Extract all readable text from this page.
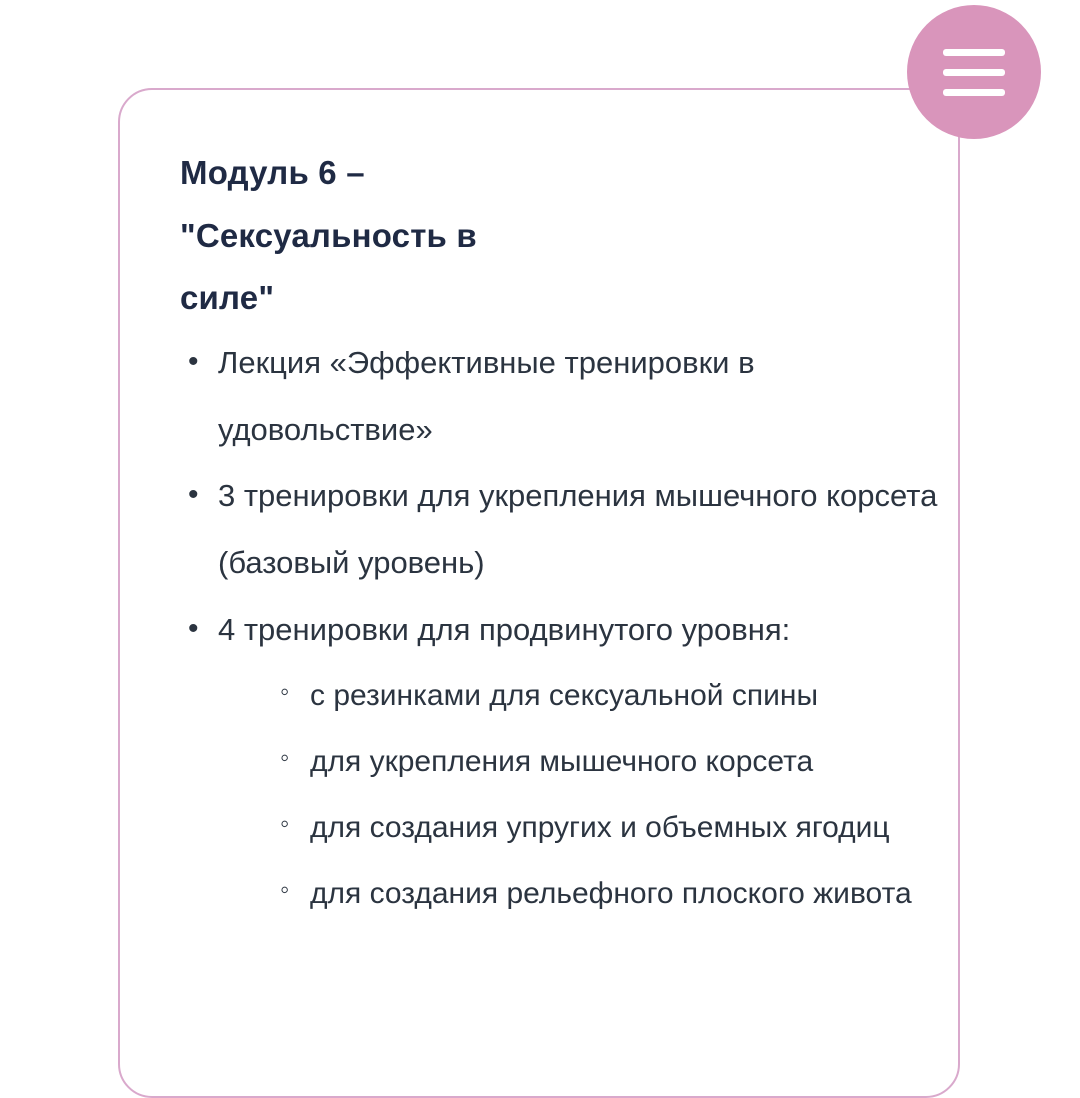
Модуль 6 –
"Сексуальность в
силе"
• Лекция «Эффективные тренировки в удовольствие»
• 3 тренировки для укрепления мышечного корсета (базовый уровень)
• 4 тренировки для продвинутого уровня:
◦ с резинками для сексуальной спины
◦ для укрепления мышечного корсета
◦ для создания упругих и объемных ягодиц
◦ для создания рельефного плоского живота
